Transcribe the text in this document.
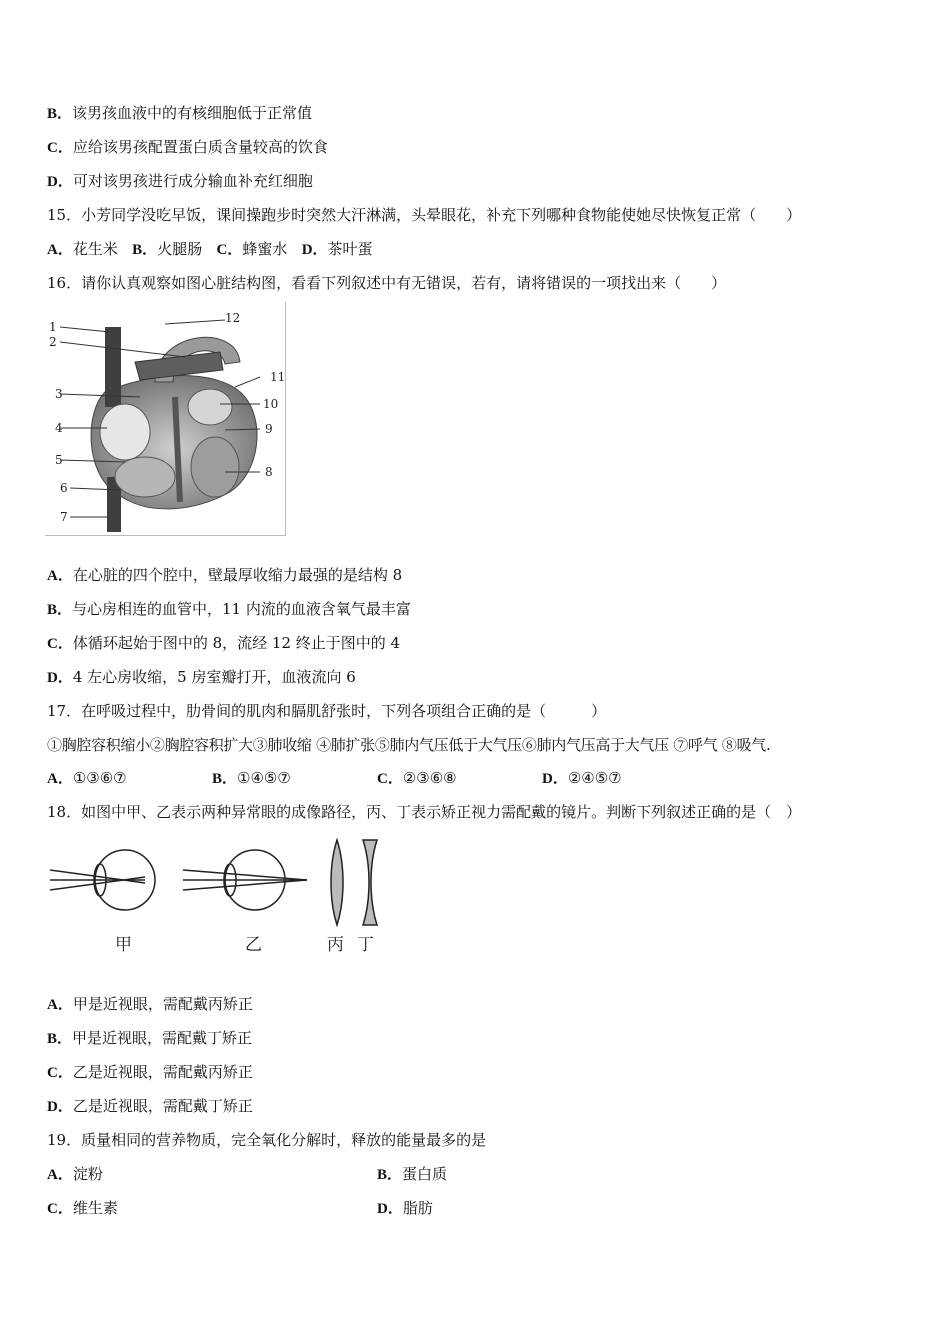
B．该男孩血液中的有核细胞低于正常值
C．应给该男孩配置蛋白质含量较高的饮食
D．可对该男孩进行成分输血补充红细胞
15．小芳同学没吃早饭，课间操跑步时突然大汗淋满，头晕眼花，补充下列哪种食物能使她尽快恢复正常（　　）
A．花生米 B．火腿肠 C．蜂蜜水 D．茶叶蛋
16．请你认真观察如图心脏结构图，看看下列叙述中有无错误，若有，请将错误的一项找出来（　　）
1
2
3
4
5
6
7
8
9
10
11
12
A．在心脏的四个腔中，壁最厚收缩力最强的是结构 8
B．与心房相连的血管中，11 内流的血液含氧气最丰富
C．体循环起始于图中的 8，流经 12 终止于图中的 4
D．4 左心房收缩，5 房室瓣打开，血液流向 6
17．在呼吸过程中，肋骨间的肌肉和膈肌舒张时，下列各项组合正确的是（　　　）
①胸腔容积缩小②胸腔容积扩大③肺收缩 ④肺扩张⑤肺内气压低于大气压⑥肺内气压高于大气压 ⑦呼气 ⑧吸气.
A．①③⑥⑦	B．①④⑤⑦	C．②③⑥⑧	D．②④⑤⑦
18．如图中甲、乙表示两种异常眼的成像路径，丙、丁表示矫正视力需配戴的镜片。判断下列叙述正确的是（　）
甲	乙	丙 丁
A．甲是近视眼，需配戴丙矫正
B．甲是近视眼，需配戴丁矫正
C．乙是近视眼，需配戴丙矫正
D．乙是近视眼，需配戴丁矫正
19．质量相同的营养物质，完全氧化分解时，释放的能量最多的是
A．淀粉	B．蛋白质
C．维生素	D．脂肪
